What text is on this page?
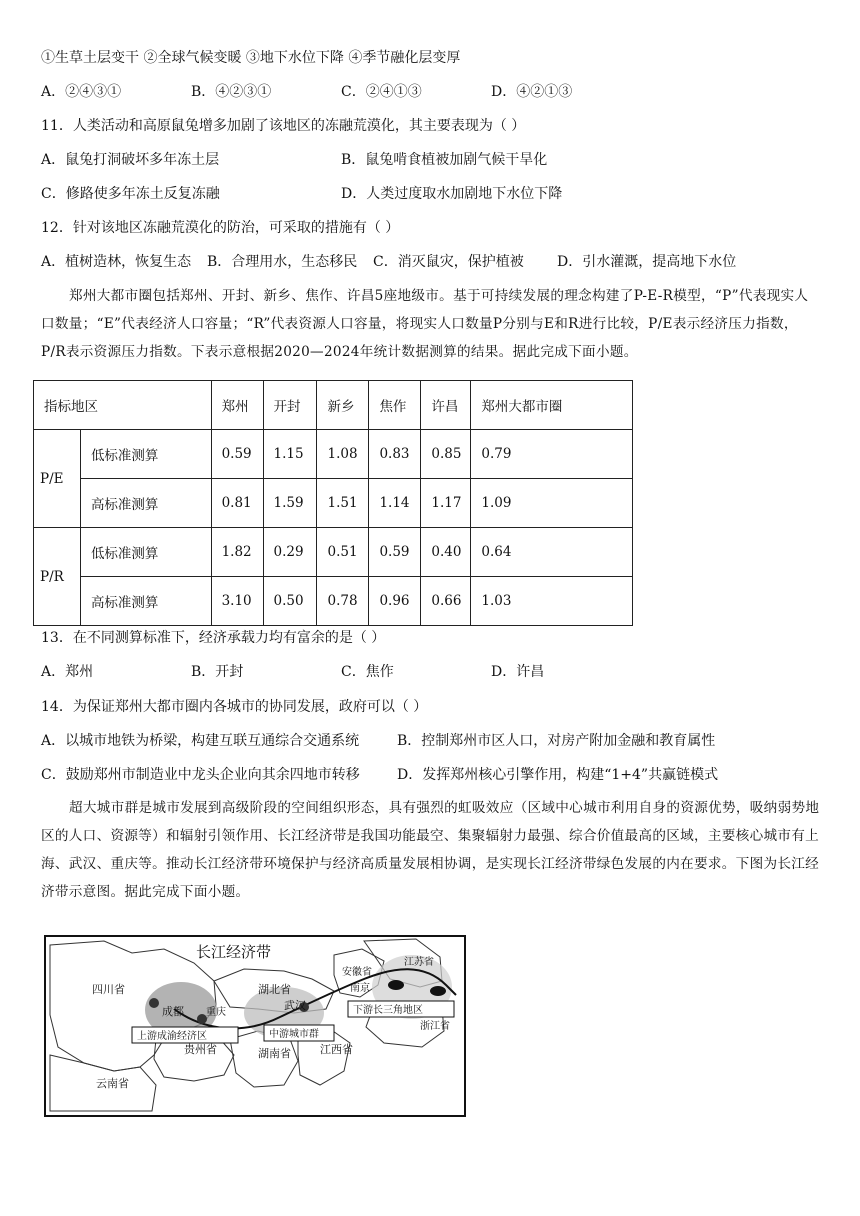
①生草土层变干 ②全球气候变暖 ③地下水位下降 ④季节融化层变厚
A．②④③①	B．④②③①	C．②④①③	D．④②①③
11．人类活动和高原鼠兔增多加剧了该地区的冻融荒漠化，其主要表现为（ ）
A．鼠兔打洞破坏多年冻土层	B．鼠兔啃食植被加剧气候干旱化
C．修路使多年冻土反复冻融	D．人类过度取水加剧地下水位下降
12．针对该地区冻融荒漠化的防治，可采取的措施有（ ）
A．植树造林，恢复生态 B．合理用水，生态移民 C．消灭鼠灾，保护植被 D．引水灌溉，提高地下水位
郑州大都市圈包括郑州、开封、新乡、焦作、许昌5座地级市。基于可持续发展的理念构建了P-E-R模型，“P”代表现实人口数量；“E”代表经济人口容量；“R”代表资源人口容量，将现实人口数量P分别与E和R进行比较，P/E表示经济压力指数，P/R表示资源压力指数。下表示意根据2020—2024年统计数据测算的结果。据此完成下面小题。
指标地区		郑州	开封	新乡	焦作	许昌	郑州大都市圈
P/E	低标准测算	0.59	1.15	1.08	0.83	0.85	0.79
	高标准测算	0.81	1.59	1.51	1.14	1.17	1.09
P/R	低标准测算	1.82	0.29	0.51	0.59	0.40	0.64
	高标准测算	3.10	0.50	0.78	0.96	0.66	1.03
13．在不同测算标准下，经济承载力均有富余的是（ ）
A．郑州	B．开封	C．焦作	D．许昌
14．为保证郑州大都市圈内各城市的协同发展，政府可以（ ）
A．以城市地铁为桥梁，构建互联互通综合交通系统	B．控制郑州市区人口，对房产附加金融和教育属性
C．鼓励郑州市制造业中龙头企业向其余四地市转移	D．发挥郑州核心引擎作用，构建“1+4”共赢链模式
超大城市群是城市发展到高级阶段的空间组织形态，具有强烈的虹吸效应（区域中心城市利用自身的资源优势，吸纳弱势地区的人口、资源等）和辐射引领作用、长江经济带是我国功能最空、集聚辐射力最强、综合价值最高的区域，主要核心城市有上海、武汉、重庆等。推动长江经济带环境保护与经济高质量发展相协调，是实现长江经济带绿色发展的内在要求。下图为长江经济带示意图。据此完成下面小题。
长江经济带
四川省	湖北省
安徽省
江苏省
成都 重庆
武汉
南京
浙江省
贵州省	湖南省	江西省
云南省
上游成渝经济区	中游城市群
下游长三角地区
